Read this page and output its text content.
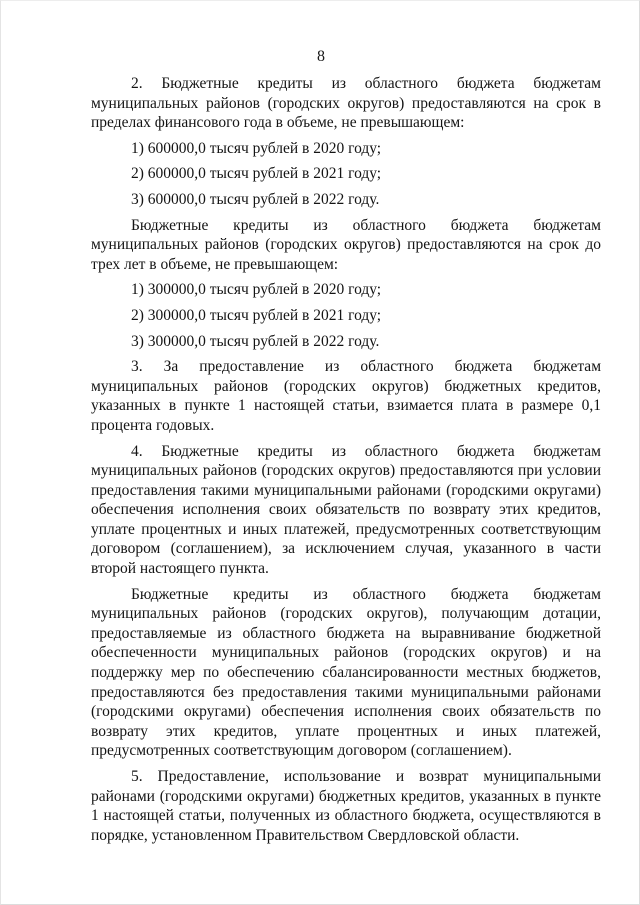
8

2. Бюджетные кредиты из областного бюджета бюджетам муниципальных районов (городских округов) предоставляются на срок в пределах финансового года в объеме, не превышающем:

1) 600000,0 тысяч рублей в 2020 году;

2) 600000,0 тысяч рублей в 2021 году;

3) 600000,0 тысяч рублей в 2022 году.

Бюджетные кредиты из областного бюджета бюджетам муниципальных районов (городских округов) предоставляются на срок до трех лет в объеме, не превышающем:

1) 300000,0 тысяч рублей в 2020 году;

2) 300000,0 тысяч рублей в 2021 году;

3) 300000,0 тысяч рублей в 2022 году.

3. За предоставление из областного бюджета бюджетам муниципальных районов (городских округов) бюджетных кредитов, указанных в пункте 1 настоящей статьи, взимается плата в размере 0,1 процента годовых.

4. Бюджетные кредиты из областного бюджета бюджетам муниципальных районов (городских округов) предоставляются при условии предоставления такими муниципальными районами (городскими округами) обеспечения исполнения своих обязательств по возврату этих кредитов, уплате процентных и иных платежей, предусмотренных соответствующим договором (соглашением), за исключением случая, указанного в части второй настоящего пункта.

Бюджетные кредиты из областного бюджета бюджетам муниципальных районов (городских округов), получающим дотации, предоставляемые из областного бюджета на выравнивание бюджетной обеспеченности муниципальных районов (городских округов) и на поддержку мер по обеспечению сбалансированности местных бюджетов, предоставляются без предоставления такими муниципальными районами (городскими округами) обеспечения исполнения своих обязательств по возврату этих кредитов, уплате процентных и иных платежей, предусмотренных соответствующим договором (соглашением).

5. Предоставление, использование и возврат муниципальными районами (городскими округами) бюджетных кредитов, указанных в пункте 1 настоящей статьи, полученных из областного бюджета, осуществляются в порядке, установленном Правительством Свердловской области.
